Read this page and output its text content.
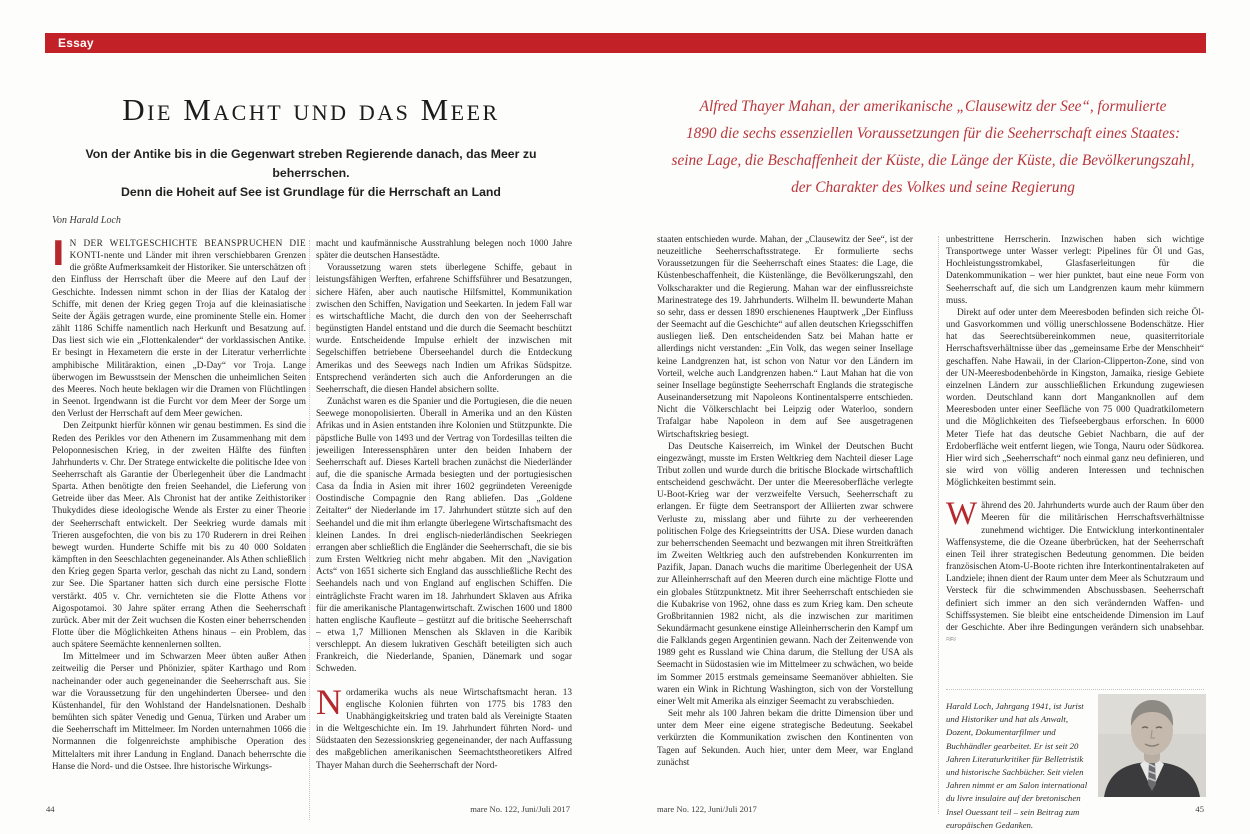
Essay
Die Macht und das Meer
Von der Antike bis in die Gegenwart streben Regierende danach, das Meer zu beherrschen.
Denn die Hoheit auf See ist Grundlage für die Herrschaft an Land
Von Harald Loch
Alfred Thayer Mahan, der amerikanische „Clausewitz der See“, formulierte
1890 die sechs essenziellen Voraussetzungen für die Seeherrschaft eines Staates:
seine Lage, die Beschaffenheit der Küste, die Länge der Küste, die Bevölkerungszahl,
der Charakter des Volkes und seine Regierung

IN DER WELTGESCHICHTE BEANSPRUCHEN DIE KONTI-nente und Länder mit ihren verschiebbaren Grenzen die größte Aufmerksamkeit der Historiker. Sie unterschätzen oft den Einfluss der Herrschaft über die Meere auf den Lauf der Geschichte. Indessen nimmt schon in der Ilias der Katalog der Schiffe, mit denen der Krieg gegen Troja auf die kleinasiatische Seite der Ägäis getragen wurde, eine prominente Stelle ein. Homer zählt 1186 Schiffe namentlich nach Herkunft und Besatzung auf. Das liest sich wie ein „Flottenkalender“ der vorklassischen Antike. Er besingt in Hexametern die erste in der Literatur verherrlichte amphibische Militäraktion, einen „D-Day“ vor Troja. Lange überwogen im Bewusstsein der Menschen die unheimlichen Seiten des Meeres. Noch heute beklagen wir die Dramen von Flüchtlingen in Seenot. Irgendwann ist die Furcht vor dem Meer der Sorge um den Verlust der Herrschaft auf dem Meer gewichen.

Den Zeitpunkt hierfür können wir genau bestimmen. Es sind die Reden des Perikles vor den Athenern im Zusammenhang mit dem Peloponnesischen Krieg, in der zweiten Hälfte des fünften Jahrhunderts v. Chr. Der Stratege entwickelte die politische Idee von Seeherrschaft als Garantie der Überlegenheit über die Landmacht Sparta. Athen benötigte den freien Seehandel, die Lieferung von Getreide über das Meer. Als Chronist hat der antike Zeithistoriker Thukydides diese ideologische Wende als Erster zu einer Theorie der Seeherrschaft entwickelt. Der Seekrieg wurde damals mit Trieren ausgefochten, die von bis zu 170 Ruderern in drei Reihen bewegt wurden. Hunderte Schiffe mit bis zu 40 000 Soldaten kämpften in den Seeschlachten gegeneinander. Als Athen schließlich den Krieg gegen Sparta verlor, geschah das nicht zu Land, sondern zur See. Die Spartaner hatten sich durch eine persische Flotte verstärkt. 405 v. Chr. vernichteten sie die Flotte Athens vor Aigospotamoi. 30 Jahre später errang Athen die Seeherrschaft zurück. Aber mit der Zeit wuchsen die Kosten einer beherrschenden Flotte über die Möglichkeiten Athens hinaus – ein Problem, das auch spätere Seemächte kennenlernen sollten.

Im Mittelmeer und im Schwarzen Meer übten außer Athen zeitweilig die Perser und Phönizier, später Karthago und Rom nacheinander oder auch gegeneinander die Seeherrschaft aus. Sie war die Voraussetzung für den ungehinderten Übersee- und den Küstenhandel, für den Wohlstand der Handelsnationen. Deshalb bemühten sich später Venedig und Genua, Türken und Araber um die Seeherrschaft im Mittelmeer. Im Norden unternahmen 1066 die Normannen die folgenreichste amphibische Operation des Mittelalters mit ihrer Landung in England. Danach beherrschte die Hanse die Nord- und die Ostsee. Ihre historische Wirkungs-

macht und kaufmännische Ausstrahlung belegen noch 1000 Jahre später die deutschen Hansestädte.

Voraussetzung waren stets überlegene Schiffe, gebaut in leistungsfähigen Werften, erfahrene Schiffsführer und Besatzungen, sichere Häfen, aber auch nautische Hilfsmittel, Kommunikation zwischen den Schiffen, Navigation und Seekarten. In jedem Fall war es wirtschaftliche Macht, die durch den von der Seeherrschaft begünstigten Handel entstand und die durch die Seemacht beschützt wurde. Entscheidende Impulse erhielt der inzwischen mit Segelschiffen betriebene Überseehandel durch die Entdeckung Amerikas und des Seewegs nach Indien um Afrikas Südspitze. Entsprechend veränderten sich auch die Anforderungen an die Seeherrschaft, die diesen Handel absichern sollte.

Zunächst waren es die Spanier und die Portugiesen, die die neuen Seewege monopolisierten. Überall in Amerika und an den Küsten Afrikas und in Asien entstanden ihre Kolonien und Stützpunkte. Die päpstliche Bulle von 1493 und der Vertrag von Tordesillas teilten die jeweiligen Interessensphären unter den beiden Inhabern der Seeherrschaft auf. Dieses Kartell brachen zunächst die Niederländer auf, die die spanische Armada besiegten und der portugiesischen Casa da Índia in Asien mit ihrer 1602 gegründeten Vereenigde Oostindische Compagnie den Rang abliefen. Das „Goldene Zeitalter“ der Niederlande im 17. Jahrhundert stützte sich auf den Seehandel und die mit ihm erlangte überlegene Wirtschaftsmacht des kleinen Landes. In drei englisch-niederländischen Seekriegen errangen aber schließlich die Engländer die Seeherrschaft, die sie bis zum Ersten Weltkrieg nicht mehr abgaben. Mit den „Navigation Acts“ von 1651 sicherte sich England das ausschließliche Recht des Seehandels nach und von England auf englischen Schiffen. Die einträglichste Fracht waren im 18. Jahrhundert Sklaven aus Afrika für die amerikanische Plantagenwirtschaft. Zwischen 1600 und 1800 hatten englische Kaufleute – gestützt auf die britische Seeherrschaft – etwa 1,7 Millionen Menschen als Sklaven in die Karibik verschleppt. An diesem lukrativen Geschäft beteiligten sich auch Frankreich, die Niederlande, Spanien, Dänemark und sogar Schweden.

Nordamerika wuchs als neue Wirtschaftsmacht heran. 13 englische Kolonien führten von 1775 bis 1783 den Unabhängigkeitskrieg und traten bald als Vereinigte Staaten in die Weltgeschichte ein. Im 19. Jahrhundert führten Nord- und Südstaaten den Sezessionskrieg gegeneinander, der nach Auffassung des maßgeblichen amerikanischen Seemachtstheoretikers Alfred Thayer Mahan durch die Seeherrschaft der Nord-

staaten entschieden wurde. Mahan, der „Clausewitz der See“, ist der neuzeitliche Seeherrschaftsstratege. Er formulierte sechs Voraussetzungen für die Seeherrschaft eines Staates: die Lage, die Küstenbeschaffenheit, die Küstenlänge, die Bevölkerungszahl, den Volkscharakter und die Regierung. Mahan war der einflussreichste Marinestratege des 19. Jahrhunderts. Wilhelm II. bewunderte Mahan so sehr, dass er dessen 1890 erschienenes Hauptwerk „Der Einfluss der Seemacht auf die Geschichte“ auf allen deutschen Kriegsschiffen ausliegen ließ. Den entscheidenden Satz bei Mahan hatte er allerdings nicht verstanden: „Ein Volk, das wegen seiner Insellage keine Landgrenzen hat, ist schon von Natur vor den Ländern im Vorteil, welche auch Landgrenzen haben.“ Laut Mahan hat die von seiner Insellage begünstigte Seeherrschaft Englands die strategische Auseinandersetzung mit Napoleons Kontinentalsperre entschieden. Nicht die Völkerschlacht bei Leipzig oder Waterloo, sondern Trafalgar habe Napoleon in dem auf See ausgetragenen Wirtschaftskrieg besiegt.

Das Deutsche Kaiserreich, im Winkel der Deutschen Bucht eingezwängt, musste im Ersten Weltkrieg dem Nachteil dieser Lage Tribut zollen und wurde durch die britische Blockade wirtschaftlich entscheidend geschwächt. Der unter die Meeresoberfläche verlegte U-Boot-Krieg war der verzweifelte Versuch, Seeherrschaft zu erlangen. Er fügte dem Seetransport der Alliierten zwar schwere Verluste zu, misslang aber und führte zu der verheerenden politischen Folge des Kriegseintritts der USA. Diese wurden danach zur beherrschenden Seemacht und bezwangen mit ihren Streitkräften im Zweiten Weltkrieg auch den aufstrebenden Konkurrenten im Pazifik, Japan. Danach wuchs die maritime Überlegenheit der USA zur Alleinherrschaft auf den Meeren durch eine mächtige Flotte und ein globales Stützpunktnetz. Mit ihrer Seeherrschaft entschieden sie die Kubakrise von 1962, ohne dass es zum Krieg kam. Den scheute Großbritannien 1982 nicht, als die inzwischen zur maritimen Sekundärmacht gesunkene einstige Alleinherrscherin den Kampf um die Falklands gegen Argentinien gewann. Nach der Zeitenwende von 1989 geht es Russland wie China darum, die Stellung der USA als Seemacht in Südostasien wie im Mittelmeer zu schwächen, wo beide im Sommer 2015 erstmals gemeinsame Seemanöver abhielten. Sie waren ein Wink in Richtung Washington, sich von der Vorstellung einer Welt mit Amerika als einziger Seemacht zu verabschieden.

Seit mehr als 100 Jahren bekam die dritte Dimension über und unter dem Meer eine eigene strategische Bedeutung. Seekabel verkürzten die Kommunikation zwischen den Kontinenten von Tagen auf Sekunden. Auch hier, unter dem Meer, war England zunächst

unbestrittene Herrscherin. Inzwischen haben sich wichtige Transportwege unter Wasser verlegt: Pipelines für Öl und Gas, Hochleistungsstromkabel, Glasfaserleitungen für die Datenkommunikation – wer hier punktet, baut eine neue Form von Seeherrschaft auf, die sich um Landgrenzen kaum mehr kümmern muss.

Direkt auf oder unter dem Meeresboden befinden sich reiche Öl- und Gasvorkommen und völlig unerschlossene Bodenschätze. Hier hat das Seerechtsübereinkommen neue, quasiterritoriale Herrschaftsverhältnisse über das „gemeinsame Erbe der Menschheit“ geschaffen. Nahe Hawaii, in der Clarion-Clipperton-Zone, sind von der UN-Meeresbodenbehörde in Kingston, Jamaika, riesige Gebiete einzelnen Ländern zur ausschließlichen Erkundung zugewiesen worden. Deutschland kann dort Manganknollen auf dem Meeresboden unter einer Seefläche von 75 000 Quadratkilometern und die Möglichkeiten des Tiefseebergbaus erforschen. In 6000 Meter Tiefe hat das deutsche Gebiet Nachbarn, die auf der Erdoberfläche weit entfernt liegen, wie Tonga, Nauru oder Südkorea. Hier wird sich „Seeherrschaft“ noch einmal ganz neu definieren, und sie wird von völlig anderen Interessen und technischen Möglichkeiten bestimmt sein.

Während des 20. Jahrhunderts wurde auch der Raum über den Meeren für die militärischen Herrschaftsverhältnisse zunehmend wichtiger. Die Entwicklung interkontinentaler Waffensysteme, die die Ozeane überbrücken, hat der Seeherrschaft einen Teil ihrer strategischen Bedeutung genommen. Die beiden französischen Atom-U-Boote richten ihre Interkontinentalraketen auf Landziele; ihnen dient der Raum unter dem Meer als Schutzraum und Versteck für die schwimmenden Abschussbasen. Seeherrschaft definiert sich immer an den sich verändernden Waffen- und Schiffssystemen. Sie bleibt eine entscheidende Dimension im Lauf der Geschichte. Aber ihre Bedingungen verändern sich unabsehbar. ≈≈

Harald Loch, Jahrgang 1941, ist Jurist und Historiker und hat als Anwalt, Dozent, Dokumentarfilmer und Buchhändler gearbeitet. Er ist seit 20 Jahren Literaturkritiker für Belletristik und historische Sachbücher. Seit vielen Jahren nimmt er am Salon international du livre insulaire auf der bretonischen Insel Ouessant teil – sein Beitrag zum europäischen Gedanken.
44	mare No. 122, Juni/Juli 2017	mare No. 122, Juni/Juli 2017	45
